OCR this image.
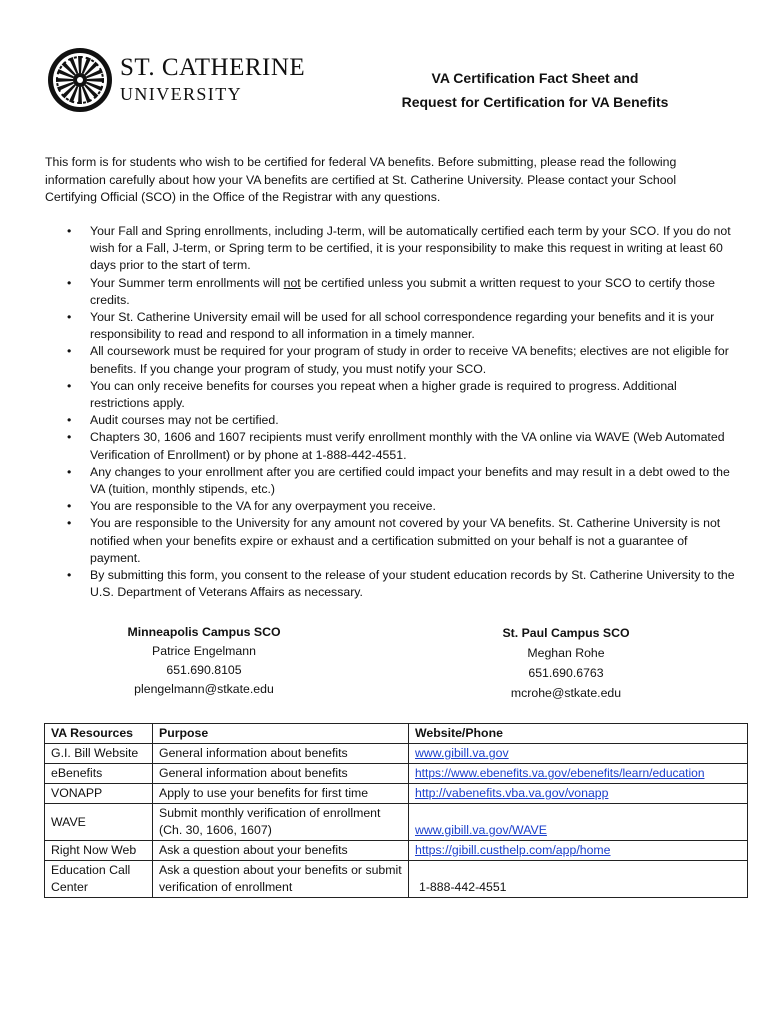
ST. CATHERINE
UNIVERSITY
VA Certification Fact Sheet and
Request for Certification for VA Benefits
This form is for students who wish to be certified for federal VA benefits. Before submitting, please read the following information carefully about how your VA benefits are certified at St. Catherine University. Please contact your School Certifying Official (SCO) in the Office of the Registrar with any questions.
• Your Fall and Spring enrollments, including J-term, will be automatically certified each term by your SCO. If you do not wish for a Fall, J-term, or Spring term to be certified, it is your responsibility to make this request in writing at least 60 days prior to the start of term.
• Your Summer term enrollments will not be certified unless you submit a written request to your SCO to certify those credits.
• Your St. Catherine University email will be used for all school correspondence regarding your benefits and it is your responsibility to read and respond to all information in a timely manner.
• All coursework must be required for your program of study in order to receive VA benefits; electives are not eligible for benefits. If you change your program of study, you must notify your SCO.
• You can only receive benefits for courses you repeat when a higher grade is required to progress. Additional restrictions apply.
• Audit courses may not be certified.
• Chapters 30, 1606 and 1607 recipients must verify enrollment monthly with the VA online via WAVE (Web Automated Verification of Enrollment) or by phone at 1-888-442-4551.
• Any changes to your enrollment after you are certified could impact your benefits and may result in a debt owed to the VA (tuition, monthly stipends, etc.)
• You are responsible to the VA for any overpayment you receive.
• You are responsible to the University for any amount not covered by your VA benefits. St. Catherine University is not notified when your benefits expire or exhaust and a certification submitted on your behalf is not a guarantee of payment.
• By submitting this form, you consent to the release of your student education records by St. Catherine University to the U.S. Department of Veterans Affairs as necessary.
Minneapolis Campus SCO
Patrice Engelmann
651.690.8105
plengelmann@stkate.edu
St. Paul Campus SCO
Meghan Rohe
651.690.6763
mcrohe@stkate.edu
VA Resources	Purpose	Website/Phone
G.I. Bill Website	General information about benefits	www.gibill.va.gov
eBenefits	General information about benefits	https://www.ebenefits.va.gov/ebenefits/learn/education
VONAPP	Apply to use your benefits for first time	http://vabenefits.vba.va.gov/vonapp
WAVE	Submit monthly verification of enrollment (Ch. 30, 1606, 1607)	www.gibill.va.gov/WAVE
Right Now Web	Ask a question about your benefits	https://gibill.custhelp.com/app/home
Education Call Center	Ask a question about your benefits or submit verification of enrollment	1-888-442-4551
